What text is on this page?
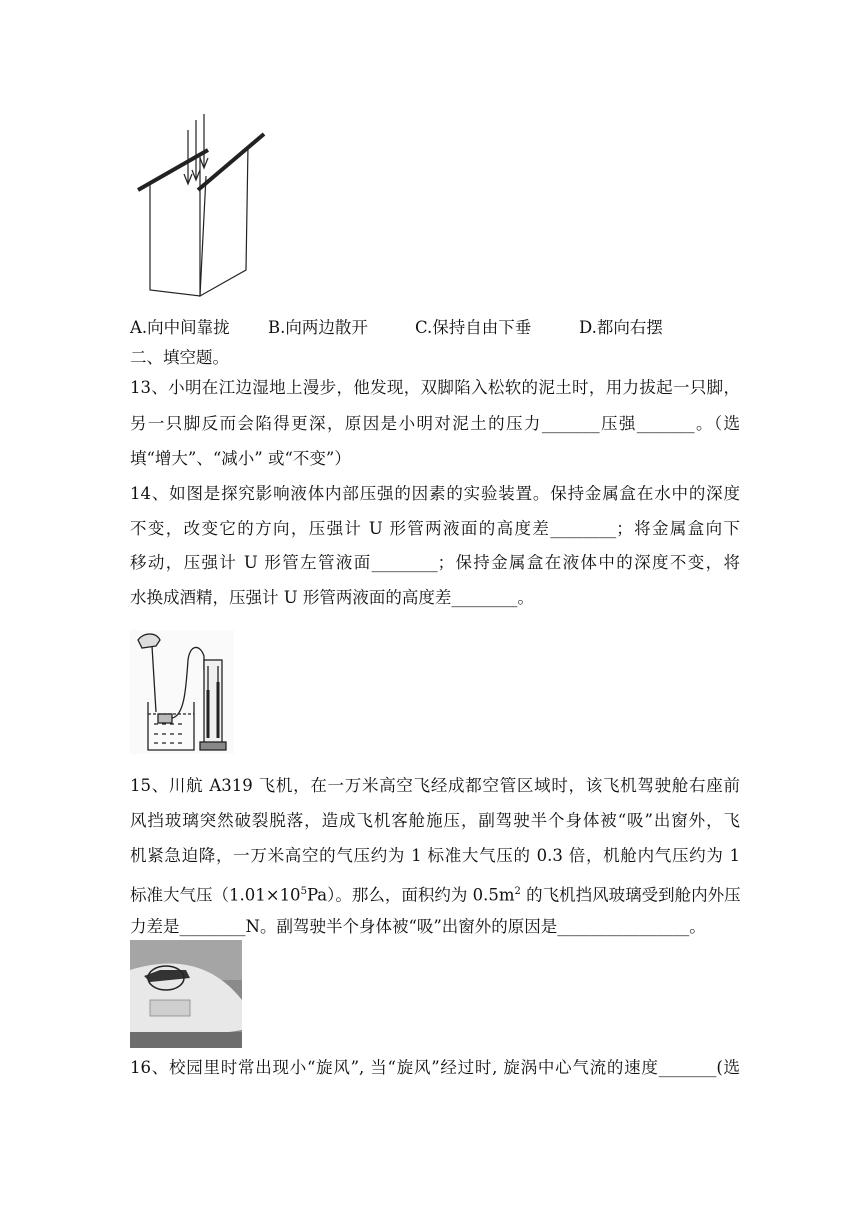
A.向中间靠拢 B.向两边散开	C.保持自由下垂	D.都向右摆
二、填空题。
13、小明在江边湿地上漫步，他发现，双脚陷入松软的泥土时，用力拔起一只脚，
另一只脚反而会陷得更深，原因是小明对泥土的压力_______压强_______。（选
填“增大”、“减小” 或“不变”）
14、如图是探究影响液体内部压强的因素的实验装置。保持金属盒在水中的深度
不变，改变它的方向，压强计 U 形管两液面的高度差________；将金属盒向下
移动，压强计 U 形管左管液面________；保持金属盒在液体中的深度不变，将
水换成酒精，压强计 U 形管两液面的高度差________。
15、川航 A319 飞机，在一万米高空飞经成都空管区域时，该飞机驾驶舱右座前
风挡玻璃突然破裂脱落，造成飞机客舱施压，副驾驶半个身体被“吸”出窗外，飞
机紧急迫降，一万米高空的气压约为 1 标准大气压的 0.3 倍，机舱内气压约为 1
标准大气压$(1.01\times 10^5Pa)$。那么，面积约为 $0.5m^2$ 的飞机挡风玻璃受到舱内外压
力差是________N。副驾驶半个身体被“吸”出窗外的原因是________________。
16、校园里时常出现小“旋风”, 当“旋风”经过时, 旋涡中心气流的速度_______(选
